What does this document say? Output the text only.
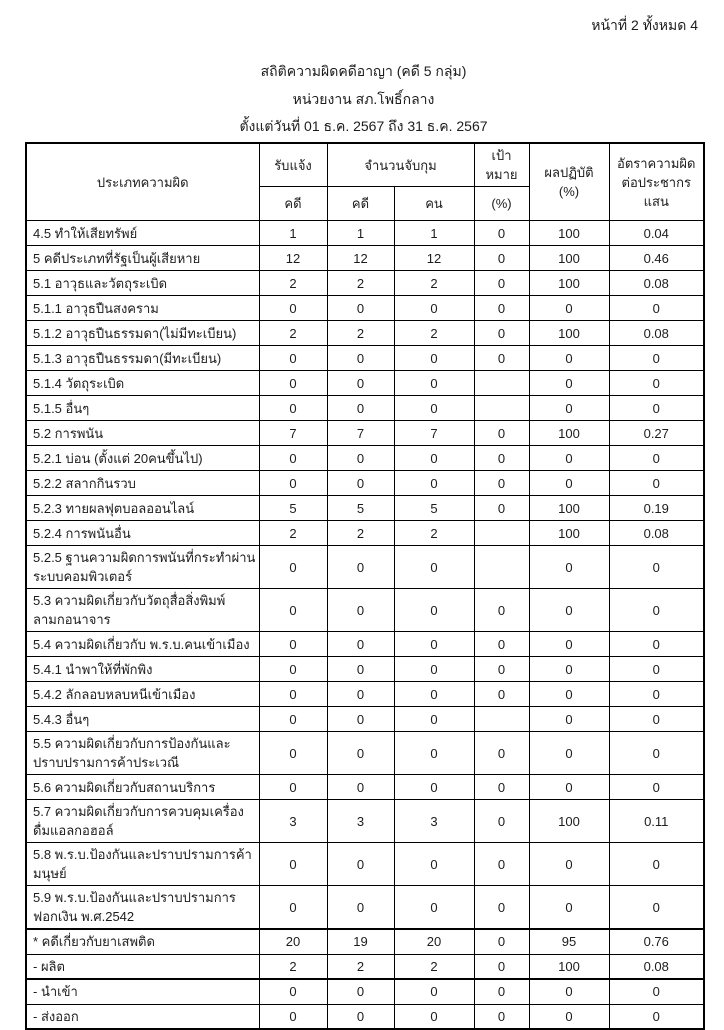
หน้าที่ 2 ทั้งหมด 4
สถิติความผิดคดีอาญา (คดี 5 กลุ่ม)
หน่วยงาน สภ.โพธิ์กลาง
ตั้งแต่วันที่ 01 ธ.ค. 2567 ถึง 31 ธ.ค. 2567
ประเภทความผิด	รับแจ้ง	จำนวนจับกุม		เป้าหมาย	ผลปฏิบัติ (%)	อัตราความผิดต่อประชากรแสน
	คดี	คดี	คน	(%)		
4.5 ทำให้เสียทรัพย์	1	1	1	0	100	0.04
5 คดีประเภทที่รัฐเป็นผู้เสียหาย	12	12	12	0	100	0.46
5.1 อาวุธและวัตถุระเบิด	2	2	2	0	100	0.08
5.1.1 อาวุธปืนสงคราม	0	0	0	0	0	0
5.1.2 อาวุธปืนธรรมดา(ไม่มีทะเบียน)	2	2	2	0	100	0.08
5.1.3 อาวุธปืนธรรมดา(มีทะเบียน)	0	0	0	0	0	0
5.1.4 วัตถุระเบิด	0	0	0		0	0
5.1.5 อื่นๆ	0	0	0		0	0
5.2 การพนัน	7	7	7	0	100	0.27
5.2.1 บ่อน (ตั้งแต่ 20คนขึ้นไป)	0	0	0	0	0	0
5.2.2 สลากกินรวบ	0	0	0	0	0	0
5.2.3 ทายผลฟุตบอลออนไลน์	5	5	5	0	100	0.19
5.2.4 การพนันอื่น	2	2	2		100	0.08
5.2.5 ฐานความผิดการพนันที่กระทำผ่านระบบคอมพิวเตอร์	0	0	0		0	0
5.3 ความผิดเกี่ยวกับวัตถุสื่อสิ่งพิมพ์ลามกอนาจาร	0	0	0	0	0	0
5.4 ความผิดเกี่ยวกับ พ.ร.บ.คนเข้าเมือง	0	0	0	0	0	0
5.4.1 นำพาให้ที่พักพิง	0	0	0	0	0	0
5.4.2 ลักลอบหลบหนีเข้าเมือง	0	0	0	0	0	0
5.4.3 อื่นๆ	0	0	0		0	0
5.5 ความผิดเกี่ยวกับการป้องกันและปราบปรามการค้าประเวณี	0	0	0	0	0	0
5.6 ความผิดเกี่ยวกับสถานบริการ	0	0	0	0	0	0
5.7 ความผิดเกี่ยวกับการควบคุมเครื่องดื่มแอลกอฮอล์	3	3	3	0	100	0.11
5.8 พ.ร.บ.ป้องกันและปราบปรามการค้ามนุษย์	0	0	0	0	0	0
5.9 พ.ร.บ.ป้องกันและปราบปรามการฟอกเงิน พ.ศ.2542	0	0	0	0	0	0
* คดีเกี่ยวกับยาเสพติด	20	19	20	0	95	0.76
- ผลิต	2	2	2	0	100	0.08
- นำเข้า	0	0	0	0	0	0
- ส่งออก	0	0	0	0	0	0
